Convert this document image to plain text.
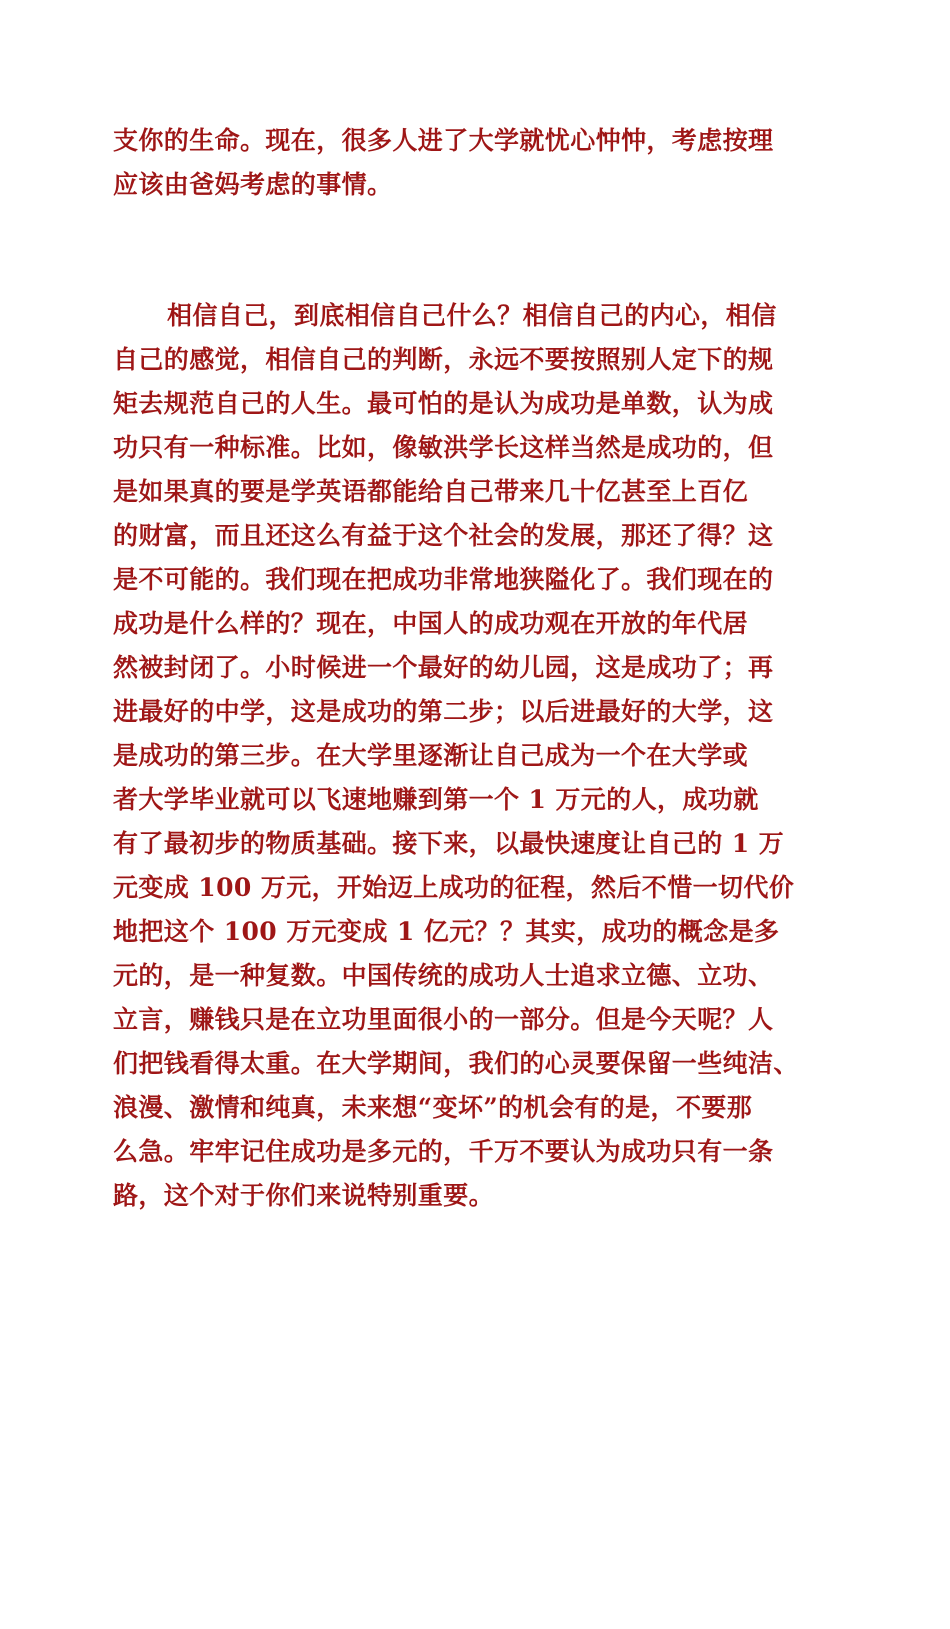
支你的生命。现在，很多人进了大学就忧心忡忡，考虑按理
应该由爸妈考虑的事情。

相信自己，到底相信自己什么？相信自己的内心，相信
自己的感觉，相信自己的判断，永远不要按照别人定下的规
矩去规范自己的人生。最可怕的是认为成功是单数，认为成
功只有一种标准。比如，像敏洪学长这样当然是成功的，但
是如果真的要是学英语都能给自己带来几十亿甚至上百亿
的财富，而且还这么有益于这个社会的发展，那还了得？这
是不可能的。我们现在把成功非常地狭隘化了。我们现在的
成功是什么样的？现在，中国人的成功观在开放的年代居
然被封闭了。小时候进一个最好的幼儿园，这是成功了；再
进最好的中学，这是成功的第二步；以后进最好的大学，这
是成功的第三步。在大学里逐渐让自己成为一个在大学或
者大学毕业就可以飞速地赚到第一个 1 万元的人，成功就
有了最初步的物质基础。接下来，以最快速度让自己的 1 万
元变成 100 万元，开始迈上成功的征程，然后不惜一切代价
地把这个 100 万元变成 1 亿元？？其实，成功的概念是多
元的，是一种复数。中国传统的成功人士追求立德、立功、
立言，赚钱只是在立功里面很小的一部分。但是今天呢？人
们把钱看得太重。在大学期间，我们的心灵要保留一些纯洁、
浪漫、激情和纯真，未来想“变坏”的机会有的是，不要那
么急。牢牢记住成功是多元的，千万不要认为成功只有一条
路，这个对于你们来说特别重要。
